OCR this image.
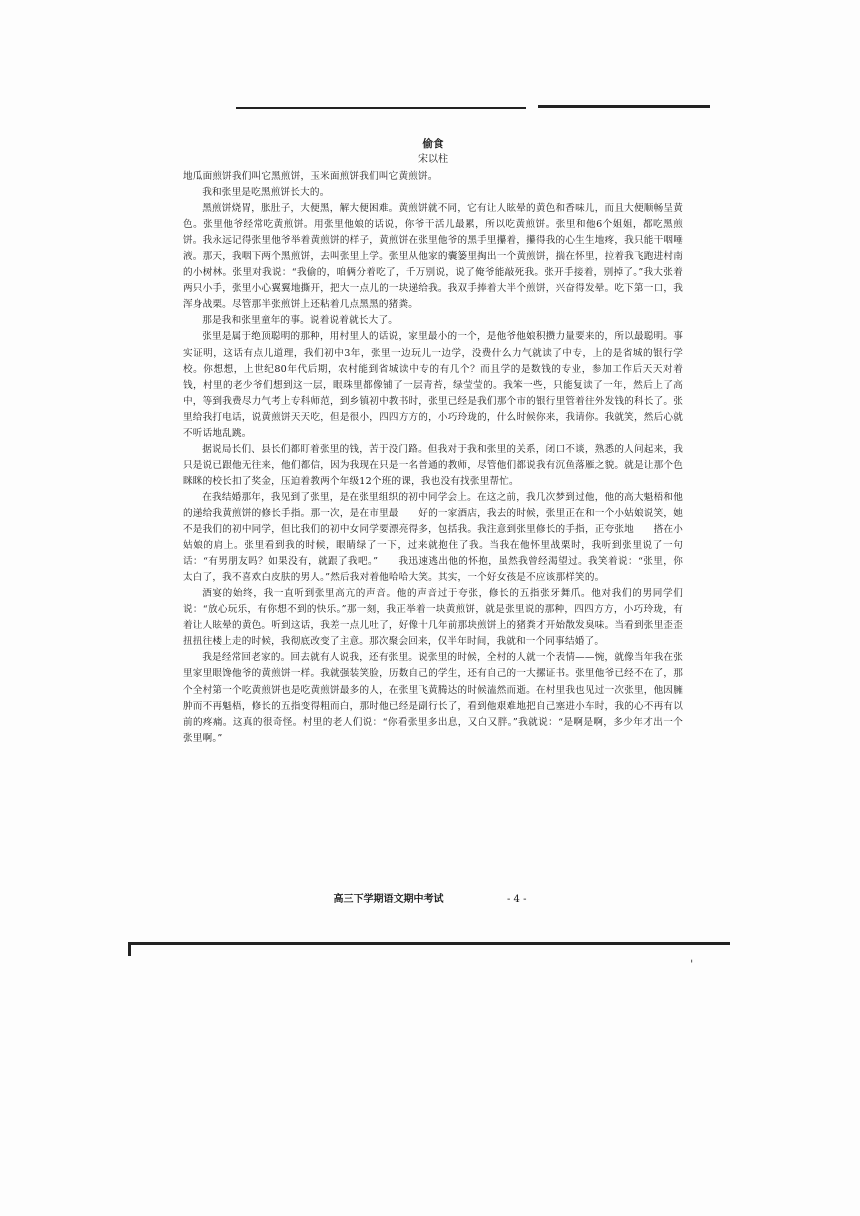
偷食
宋以柱

地瓜面煎饼我们叫它黑煎饼，玉米面煎饼我们叫它黄煎饼。

我和张里是吃黑煎饼长大的。

黑煎饼烧胃，胀肚子，大便黑，解大便困难。黄煎饼就不同，它有让人眩晕的黄色和香味儿，而且大便顺畅呈黄色。张里他爷经常吃黄煎饼。用张里他娘的话说，你爷干活儿最累，所以吃黄煎饼。张里和他6个姐姐，都吃黑煎饼。我永远记得张里他爷举着黄煎饼的样子，黄煎饼在张里他爷的黑手里攥着，攥得我的心生生地疼，我只能干咽唾液。那天，我咽下两个黑煎饼，去叫张里上学。张里从他家的囊篓里掏出一个黄煎饼，揣在怀里，拉着我飞跑进村南的小树林。张里对我说：“我偷的，咱俩分着吃了，千万别说，说了俺爷能敲死我。张开手接着，别掉了。”我大张着两只小手，张里小心翼翼地撕开，把大一点儿的一块递给我。我双手捧着大半个煎饼，兴奋得发晕。吃下第一口，我浑身战栗。尽管那半张煎饼上还粘着几点黑黑的猪粪。

那是我和张里童年的事。说着说着就长大了。

张里是属于绝顶聪明的那种，用村里人的话说，家里最小的一个，是他爷他娘积攒力量要来的，所以最聪明。事实证明，这话有点儿道理，我们初中3年，张里一边玩儿一边学，没费什么力气就读了中专，上的是省城的银行学校。你想想，上世纪80年代后期，农村能到省城读中专的有几个？而且学的是数钱的专业，参加工作后天天对着钱，村里的老少爷们想到这一层，眼珠里都像铺了一层青苔，绿莹莹的。我笨一些，只能复读了一年，然后上了高中，等到我费尽力气考上专科师范，到乡镇初中教书时，张里已经是我们那个市的银行里管着往外发钱的科长了。张里给我打电话，说黄煎饼天天吃，但是很小，四四方方的，小巧玲珑的，什么时候你来，我请你。我就笑，然后心就不听话地乱跳。

据说局长们、县长们都盯着张里的钱，苦于没门路。但我对于我和张里的关系，闭口不谈，熟悉的人问起来，我只是说已跟他无往来，他们都信，因为我现在只是一名普通的教师，尽管他们都说我有沉鱼落雁之貌。就是让那个色眯眯的校长扣了奖金，压迫着教两个年级12个班的课，我也没有找张里帮忙。

在我结婚那年，我见到了张里，是在张里组织的初中同学会上。在这之前，我几次梦到过他，他的高大魁梧和他的递给我黄煎饼的修长手指。那一次，是在市里最　　好的一家酒店，我去的时候，张里正在和一个小姑娘说笑，她不是我们的初中同学，但比我们的初中女同学要漂亮得多，包括我。我注意到张里修长的手指，正夸张地　　搭在小姑娘的肩上。张里看到我的时候，眼睛绿了一下，过来就抱住了我。当我在他怀里战栗时，我听到张里说了一句话：“有男朋友吗？如果没有，就跟了我吧。”　　我迅速逃出他的怀抱，虽然我曾经渴望过。我笑着说：“张里，你太白了，我不喜欢白皮肤的男人。”然后我对着他哈哈大笑。其实，一个好女孩是不应该那样笑的。

酒宴的始终，我一直听到张里高亢的声音。他的声音过于夸张，修长的五指张牙舞爪。他对我们的男同学们说：“放心玩乐，有你想不到的快乐。”那一刻，我正举着一块黄煎饼，就是张里说的那种，四四方方，小巧玲珑，有着让人眩晕的黄色。听到这话，我差一点儿吐了，好像十几年前那块煎饼上的猪粪才开始散发臭味。当看到张里歪歪扭扭往楼上走的时候，我彻底改变了主意。那次聚会回来，仅半年时间，我就和一个同事结婚了。

我是经常回老家的。回去就有人说我，还有张里。说张里的时候，全村的人就一个表情——惋，就像当年我在张里家里眼馋他爷的黄煎饼一样。我就强装笑脸，历数自己的学生，还有自己的一大摞证书。张里他爷已经不在了，那个全村第一个吃黄煎饼也是吃黄煎饼最多的人，在张里飞黄腾达的时候溘然而逝。在村里我也见过一次张里，他因臃肿而不再魁梧，修长的五指变得粗而白，那时他已经是副行长了，看到他艰难地把自己塞进小车时，我的心不再有以前的疼痛。这真的很奇怪。村里的老人们说：“你看张里多出息，又白又胖。”我就说：“是啊是啊，多少年才出一个张里啊。”

高三下学期语文期中考试	- 4 -
ˌ
